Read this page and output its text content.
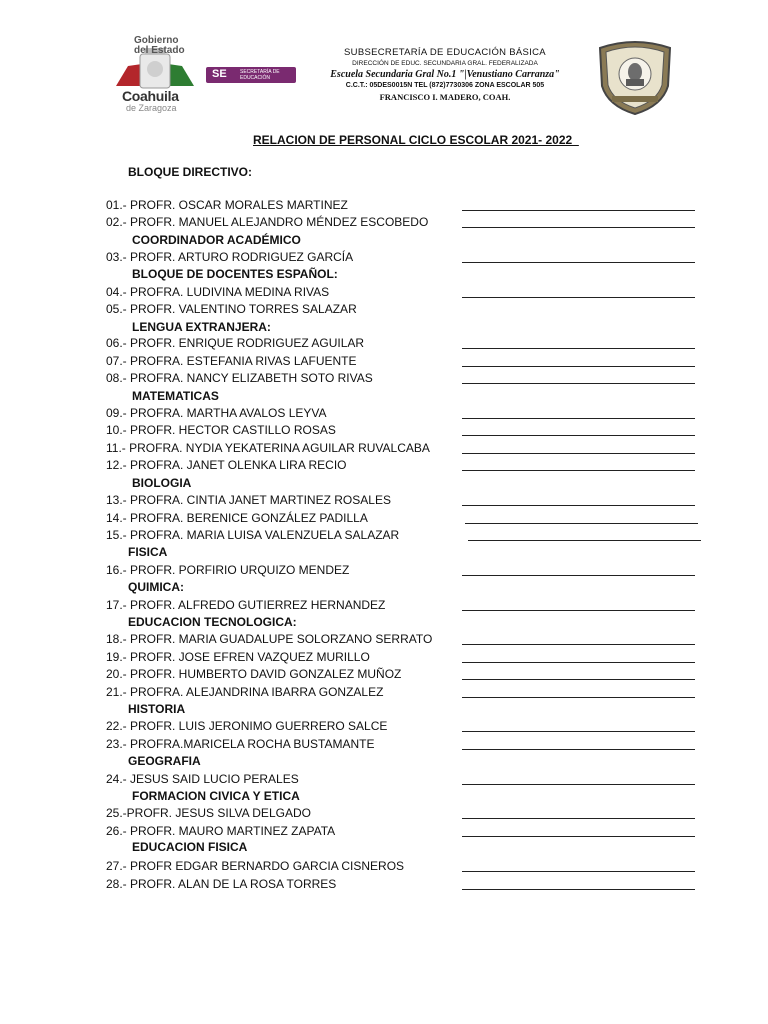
Gobierno del Estado
Coahuila
de Zaragoza
SE	SECRETARÍA DE EDUCACIÓN
SUBSECRETARÍA DE EDUCACIÓN BÁSICA
DIRECCIÓN DE EDUC. SECUNDARIA GRAL. FEDERALIZADA
Escuela Secundaria Gral No.1 "|Venustiano Carranza"
C.C.T.: 05DES0015N TEL (872)7730306 ZONA ESCOLAR 505
FRANCISCO I. MADERO, COAH.
RELACION DE PERSONAL CICLO ESCOLAR 2021- 2022
BLOQUE DIRECTIVO:
COORDINADOR ACADÉMICO
BLOQUE DE DOCENTES ESPAÑOL:
LENGUA EXTRANJERA:
MATEMATICAS
BIOLOGIA
FISICA
QUIMICA:
EDUCACION TECNOLOGICA:
HISTORIA
GEOGRAFIA
FORMACION CIVICA Y ETICA
EDUCACION FISICA
01.- PROFR. OSCAR MORALES MARTINEZ
02.- PROFR. MANUEL ALEJANDRO MÉNDEZ ESCOBEDO
03.- PROFR. ARTURO RODRIGUEZ GARCÍA
04.- PROFRA. LUDIVINA MEDINA RIVAS
05.- PROFR. VALENTINO TORRES SALAZAR
06.- PROFR. ENRIQUE RODRIGUEZ AGUILAR
07.- PROFRA. ESTEFANIA RIVAS LAFUENTE
08.- PROFRA. NANCY ELIZABETH SOTO RIVAS
09.- PROFRA. MARTHA AVALOS LEYVA
10.- PROFR. HECTOR CASTILLO ROSAS
11.- PROFRA. NYDIA YEKATERINA AGUILAR RUVALCABA
12.- PROFRA. JANET OLENKA LIRA RECIO
13.- PROFRA. CINTIA JANET MARTINEZ ROSALES
14.- PROFRA. BERENICE GONZÁLEZ PADILLA
15.- PROFRA. MARIA LUISA VALENZUELA SALAZAR
16.- PROFR. PORFIRIO URQUIZO MENDEZ
17.- PROFR. ALFREDO GUTIERREZ HERNANDEZ
18.- PROFR. MARIA GUADALUPE SOLORZANO SERRATO
19.- PROFR. JOSE EFREN VAZQUEZ MURILLO
20.- PROFR. HUMBERTO DAVID GONZALEZ MUÑOZ
21.- PROFRA. ALEJANDRINA IBARRA GONZALEZ
22.- PROFR. LUIS JERONIMO GUERRERO SALCE
23.- PROFRA.MARICELA ROCHA BUSTAMANTE
24.- JESUS SAID LUCIO PERALES
25.-PROFR. JESUS SILVA DELGADO
26.- PROFR. MAURO MARTINEZ ZAPATA
27.- PROFR EDGAR BERNARDO GARCIA CISNEROS
28.- PROFR. ALAN DE LA ROSA TORRES
